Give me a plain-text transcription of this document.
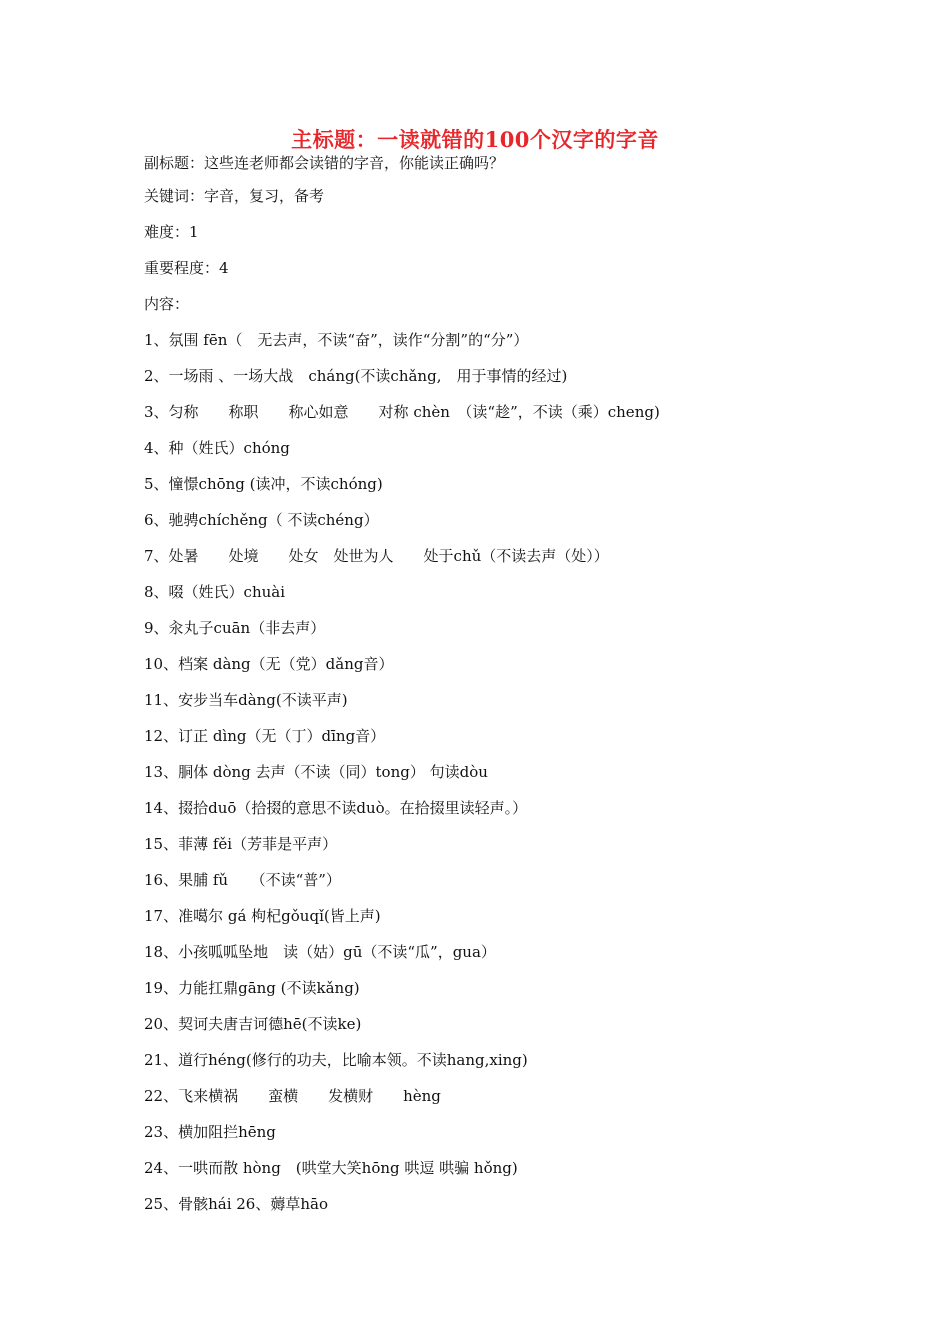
主标题：一读就错的100个汉字的字音
副标题：这些连老师都会读错的字音，你能读正确吗？
关键词：字音，复习，备考
难度：1
重要程度：4
内容：
1、氛围 fēn（　无去声，不读“奋”，读作“分割”的“分”）
2、一场雨 、一场大战　cháng(不读chǎng,　用于事情的经过)
3、匀称　　称职　　称心如意　　对称 chèn　（读“趁”，不读（乘）cheng)
4、种（姓氏）chóng
5、憧憬chōng (读冲，不读chóng)
6、驰骋chíchěng（ 不读chéng）
7、处暑　　处境　　处女　处世为人　　处于chǔ（不读去声（处））
8、啜（姓氏）chuài
9、汆丸子cuān（非去声）
10、档案 dàng（无（党）dǎng音）
11、安步当车dàng(不读平声)
12、订正 dìng（无（丁）dīng音）
13、胴体 dòng 去声（不读（同）tong） 句读dòu
14、掇拾duō（拾掇的意思不读duò。在拾掇里读轻声。）
15、菲薄 fěi（芳菲是平声）
16、果脯 fǔ　　（不读“普”）
17、准噶尔 gá 枸杞gǒuqǐ(皆上声)
18、小孩呱呱坠地　读（姑）gū（不读“瓜”，gua）
19、力能扛鼎gāng (不读kǎng)
20、契诃夫唐吉诃德hē(不读ke)
21、道行héng(修行的功夫，比喻本领。不读hang,xing)
22、飞来横祸　　蛮横　　发横财　　hèng
23、横加阻拦hēng
24、一哄而散 hòng　(哄堂大笑hōng 哄逗 哄骗 hǒng)
25、骨骸hái 26、薅草hāo
